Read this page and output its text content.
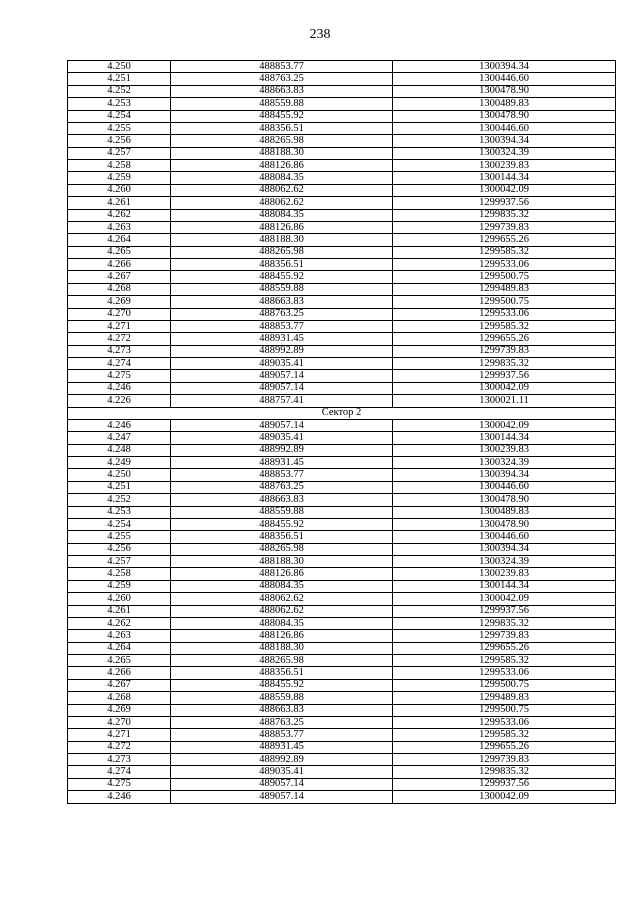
238
4.250	488853.77	1300394.34
4.251	488763.25	1300446.60
4.252	488663.83	1300478.90
4.253	488559.88	1300489.83
4.254	488455.92	1300478.90
4.255	488356.51	1300446.60
4.256	488265.98	1300394.34
4.257	488188.30	1300324.39
4.258	488126.86	1300239.83
4.259	488084.35	1300144.34
4.260	488062.62	1300042.09
4.261	488062.62	1299937.56
4.262	488084.35	1299835.32
4.263	488126.86	1299739.83
4.264	488188.30	1299655.26
4.265	488265.98	1299585.32
4.266	488356.51	1299533.06
4.267	488455.92	1299500.75
4.268	488559.88	1299489.83
4.269	488663.83	1299500.75
4.270	488763.25	1299533.06
4.271	488853.77	1299585.32
4.272	488931.45	1299655.26
4.273	488992.89	1299739.83
4.274	489035.41	1299835.32
4.275	489057.14	1299937.56
4.246	489057.14	1300042.09
4.226	488757.41	1300021.11
Сектор 2		
4.246	489057.14	1300042.09
4.247	489035.41	1300144.34
4.248	488992.89	1300239.83
4.249	488931.45	1300324.39
4.250	488853.77	1300394.34
4.251	488763.25	1300446.60
4.252	488663.83	1300478.90
4.253	488559.88	1300489.83
4.254	488455.92	1300478.90
4.255	488356.51	1300446.60
4.256	488265.98	1300394.34
4.257	488188.30	1300324.39
4.258	488126.86	1300239.83
4.259	488084.35	1300144.34
4.260	488062.62	1300042.09
4.261	488062.62	1299937.56
4.262	488084.35	1299835.32
4.263	488126.86	1299739.83
4.264	488188.30	1299655.26
4.265	488265.98	1299585.32
4.266	488356.51	1299533.06
4.267	488455.92	1299500.75
4.268	488559.88	1299489.83
4.269	488663.83	1299500.75
4.270	488763.25	1299533.06
4.271	488853.77	1299585.32
4.272	488931.45	1299655.26
4.273	488992.89	1299739.83
4.274	489035.41	1299835.32
4.275	489057.14	1299937.56
4.246	489057.14	1300042.09
